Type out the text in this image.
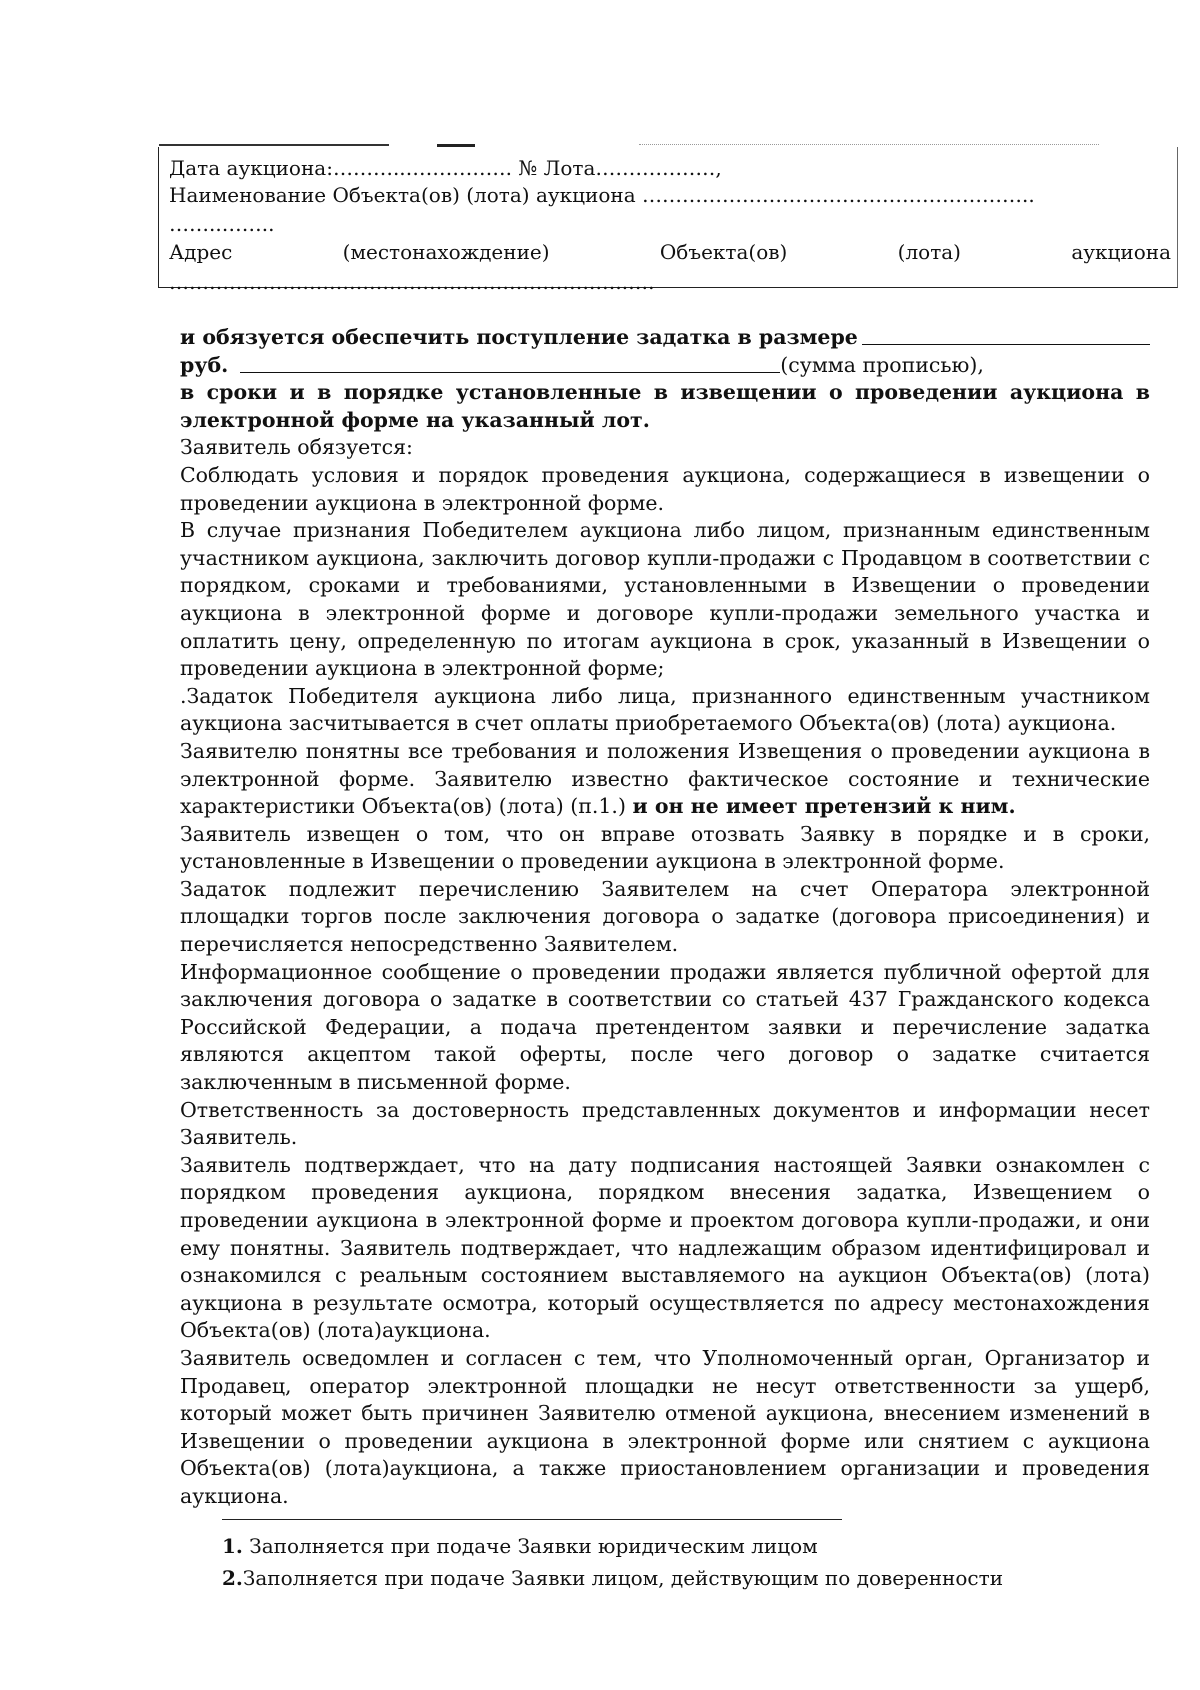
Дата аукциона:………..……………. № Лота………………,
Наименование Объекта(ов) (лота) аукциона …………………………………………………..
……..……..
Адрес	(местонахождение)	Объекта(ов)	(лота)	аукциона
……………………………………………………….…..….
и обязуется обеспечить поступление задатка в размере
руб.	(сумма прописью),

в сроки и в порядке установленные в извещении о проведении аукциона в электронной форме на указанный лот.

Заявитель обязуется:

Соблюдать условия и порядок проведения аукциона, содержащиеся в извещении о проведении аукциона в электронной форме.

В случае признания Победителем аукциона либо лицом, признанным единственным участником аукциона, заключить договор купли-продажи с Продавцом в соответствии с порядком, сроками и требованиями, установленными в Извещении о проведении аукциона в электронной форме и договоре купли-продажи земельного участка и оплатить цену, определенную по итогам аукциона в срок, указанный в Извещении о проведении аукциона в электронной форме;

.Задаток Победителя аукциона либо лица, признанного единственным участником аукциона засчитывается в счет оплаты приобретаемого Объекта(ов) (лота) аукциона.

Заявителю понятны все требования и положения Извещения о проведении аукциона в электронной форме. Заявителю известно фактическое состояние и технические характеристики Объекта(ов) (лота) (п.1.) и он не имеет претензий к ним.

Заявитель извещен о том, что он вправе отозвать Заявку в порядке и в сроки, установленные в Извещении о проведении аукциона в электронной форме.

Задаток подлежит перечислению Заявителем на счет Оператора электронной площадки торгов после заключения договора о задатке (договора присоединения) и перечисляется непосредственно Заявителем.

Информационное сообщение о проведении продажи является публичной офертой для заключения договора о задатке в соответствии со статьей 437 Гражданского кодекса Российской Федерации, а подача претендентом заявки и перечисление задатка являются акцептом такой оферты, после чего договор о задатке считается заключенным в письменной форме.

Ответственность за достоверность представленных документов и информации несет Заявитель.

Заявитель подтверждает, что на дату подписания настоящей Заявки ознакомлен с порядком проведения аукциона, порядком внесения задатка, Извещением о проведении аукциона в электронной форме и проектом договора купли-продажи, и они ему понятны. Заявитель подтверждает, что надлежащим образом идентифицировал и ознакомился с реальным состоянием выставляемого на аукцион Объекта(ов) (лота) аукциона в результате осмотра, который осуществляется по адресу местонахождения Объекта(ов) (лота)аукциона.

Заявитель осведомлен и согласен с тем, что Уполномоченный орган, Организатор и Продавец, оператор электронной площадки не несут ответственности за ущерб, который может быть причинен Заявителю отменой аукциона, внесением изменений в Извещении о проведении аукциона в электронной форме или снятием с аукциона Объекта(ов) (лота)аукциона, а также приостановлением организации и проведения аукциона.

1. Заполняется при подаче Заявки юридическим лицом
2.Заполняется при подаче Заявки лицом, действующим по доверенности
